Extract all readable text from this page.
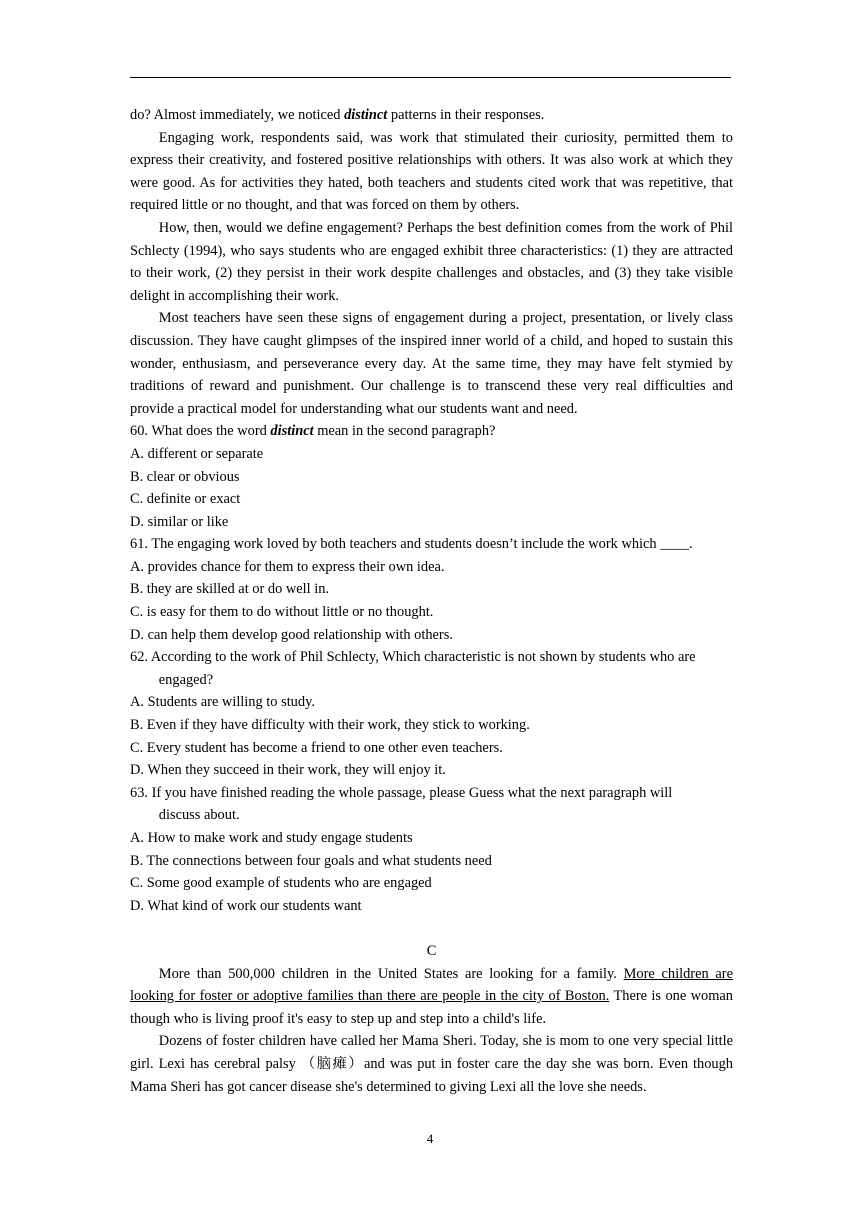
do? Almost immediately, we noticed distinct patterns in their responses.

Engaging work, respondents said, was work that stimulated their curiosity, permitted them to express their creativity, and fostered positive relationships with others. It was also work at which they were good. As for activities they hated, both teachers and students cited work that was repetitive, that required little or no thought, and that was forced on them by others.

How, then, would we define engagement? Perhaps the best definition comes from the work of Phil Schlecty (1994), who says students who are engaged exhibit three characteristics: (1) they are attracted to their work, (2) they persist in their work despite challenges and obstacles, and (3) they take visible delight in accomplishing their work.

Most teachers have seen these signs of engagement during a project, presentation, or lively class discussion. They have caught glimpses of the inspired inner world of a child, and hoped to sustain this wonder, enthusiasm, and perseverance every day. At the same time, they may have felt stymied by traditions of reward and punishment. Our challenge is to transcend these very real difficulties and provide a practical model for understanding what our students want and need.

60. What does the word distinct mean in the second paragraph?

A. different or separate

B. clear or obvious

C. definite or exact

D. similar or like

61. The engaging work loved by both teachers and students doesn’t include the work which ____.

A. provides chance for them to express their own idea.

B. they are skilled at or do well in.

C. is easy for them to do without little or no thought.

D. can help them develop good relationship with others.

62. According to the work of Phil Schlecty, Which characteristic is not shown by students who are engaged?

A. Students are willing to study.

B. Even if they have difficulty with their work, they stick to working.

C. Every student has become a friend to one other even teachers.

D. When they succeed in their work, they will enjoy it.

63. If you have finished reading the whole passage, please Guess what the next paragraph will discuss about.

A. How to make work and study engage students

B. The connections between four goals and what students need

C. Some good example of students who are engaged

D. What kind of work our students want

C

More than 500,000 children in the United States are looking for a family. More children are looking for foster or adoptive families than there are people in the city of Boston. There is one woman though who is living proof it's easy to step up and step into a child's life.

Dozens of foster children have called her Mama Sheri. Today, she is mom to one very special little girl. Lexi has cerebral palsy （脑瘫）and was put in foster care the day she was born. Even though Mama Sheri has got cancer disease she's determined to giving Lexi all the love she needs.

4
